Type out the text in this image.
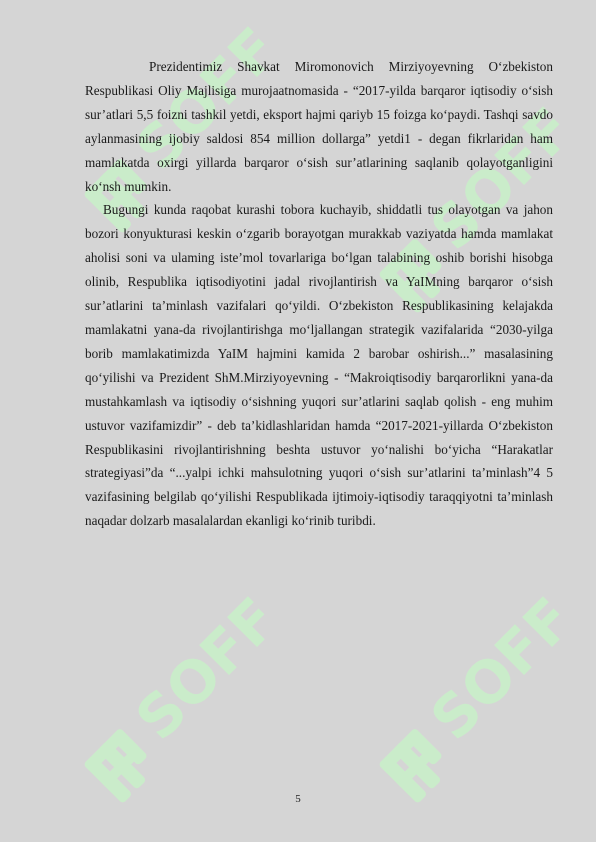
Prezidentimiz Shavkat Miromonovich Mirziyoyevning O‘zbekiston Respublikasi Oliy Majlisiga murojaatnomasida - “2017-yilda barqaror iqtisodiy o‘sish sur’atlari 5,5 foizni tashkil yetdi, eksport hajmi qariyb 15 foizga ko‘paydi. Tashqi savdo aylanmasining ijobiy saldosi 854 million dollarga” yetdi1 - degan fikrlaridan ham mamlakatda oxirgi yillarda barqaror o‘sish sur’atlarining saqlanib qolayotganligini ko‘nsh mumkin.

Bugungi kunda raqobat kurashi tobora kuchayib, shiddatli tus olayotgan va jahon bozori konyukturasi keskin o‘zgarib borayotgan murakkab vaziyatda hamda mamlakat aholisi soni va ulaming iste’mol tovarlariga bo‘lgan talabining oshib borishi hisobga olinib, Respublika iqtisodiyotini jadal rivojlantirish va YaIMning barqaror o‘sish sur’atlarini ta’minlash vazifalari qo‘yildi. O‘zbekiston Respublikasining kelajakda mamlakatni yana-da rivojlantirishga mo‘ljallangan strategik vazifalarida “2030-yilga borib mamlakatimizda YaIM hajmini kamida 2 barobar oshirish...” masalasining qo‘yilishi va Prezident ShM.Mirziyoyevning - “Makroiqtisodiy barqarorlikni yana-da mustahkamlash va iqtisodiy o‘sishning yuqori sur’atlarini saqlab qolish - eng muhim ustuvor vazifamizdir” - deb ta’kidlashlaridan hamda “2017-2021-yillarda O‘zbekiston Respublikasini rivojlantirishning beshta ustuvor yo‘nalishi bo‘yicha “Harakatlar strategiyasi”da “...yalpi ichki mahsulotning yuqori o‘sish sur’atlarini ta’minlash”4 5 vazifasining belgilab qo‘yilishi Respublikada ijtimoiy-iqtisodiy taraqqiyotni ta’minlash naqadar dolzarb masalalardan ekanligi ko‘rinib turibdi.

5
